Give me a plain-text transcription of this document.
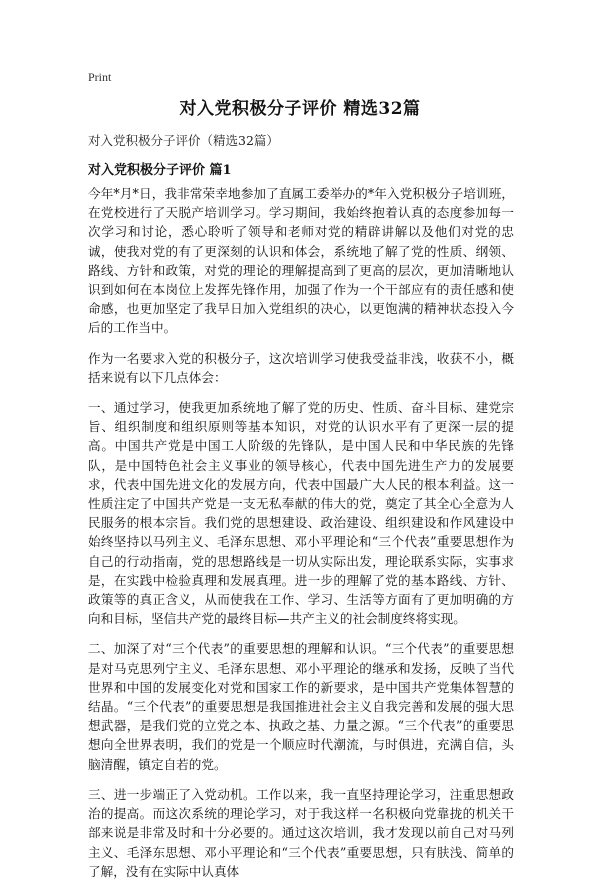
Print
对入党积极分子评价 精选32篇
对入党积极分子评价（精选32篇）
对入党积极分子评价 篇1

今年*月*日，我非常荣幸地参加了直属工委举办的*年入党积极分子培训班，在党校进行了天脱产培训学习。学习期间，我始终抱着认真的态度参加每一次学习和讨论，悉心聆听了领导和老师对党的精辟讲解以及他们对党的忠诚，使我对党的有了更深刻的认识和体会，系统地了解了党的性质、纲领、路线、方针和政策，对党的理论的理解提高到了更高的层次，更加清晰地认识到如何在本岗位上发挥先锋作用，加强了作为一个干部应有的责任感和使命感，也更加坚定了我早日加入党组织的决心，以更饱满的精神状态投入今后的工作当中。

作为一名要求入党的积极分子，这次培训学习使我受益非浅，收获不小，概括来说有以下几点体会：

一、通过学习，使我更加系统地了解了党的历史、性质、奋斗目标、建党宗旨、组织制度和组织原则等基本知识，对党的认识水平有了更深一层的提高。中国共产党是中国工人阶级的先锋队，是中国人民和中华民族的先锋队，是中国特色社会主义事业的领导核心，代表中国先进生产力的发展要求，代表中国先进文化的发展方向，代表中国最广大人民的根本利益。这一性质注定了中国共产党是一支无私奉献的伟大的党，奠定了其全心全意为人民服务的根本宗旨。我们党的思想建设、政治建设、组织建设和作风建设中始终坚持以马列主义、毛泽东思想、邓小平理论和“三个代表”重要思想作为自己的行动指南，党的思想路线是一切从实际出发，理论联系实际，实事求是，在实践中检验真理和发展真理。进一步的理解了党的基本路线、方针、政策等的真正含义，从而使我在工作、学习、生活等方面有了更加明确的方向和目标，坚信共产党的最终目标—共产主义的社会制度终将实现。

二、加深了对“三个代表”的重要思想的理解和认识。“三个代表”的重要思想是对马克思列宁主义、毛泽东思想、邓小平理论的继承和发扬，反映了当代世界和中国的发展变化对党和国家工作的新要求，是中国共产党集体智慧的结晶。“三个代表”的重要思想是我国推进社会主义自我完善和发展的强大思想武器，是我们党的立党之本、执政之基、力量之源。“三个代表”的重要思想向全世界表明，我们的党是一个顺应时代潮流，与时俱进，充满自信，头脑清醒，镇定自若的党。

三、进一步端正了入党动机。工作以来，我一直坚持理论学习，注重思想政治的提高。而这次系统的理论学习，对于我这样一名积极向党靠拢的机关干部来说是非常及时和十分必要的。通过这次培训，我才发现以前自己对马列主义、毛泽东思想、邓小平理论和“三个代表”重要思想，只有肤浅、简单的了解，没有在实际中认真体
